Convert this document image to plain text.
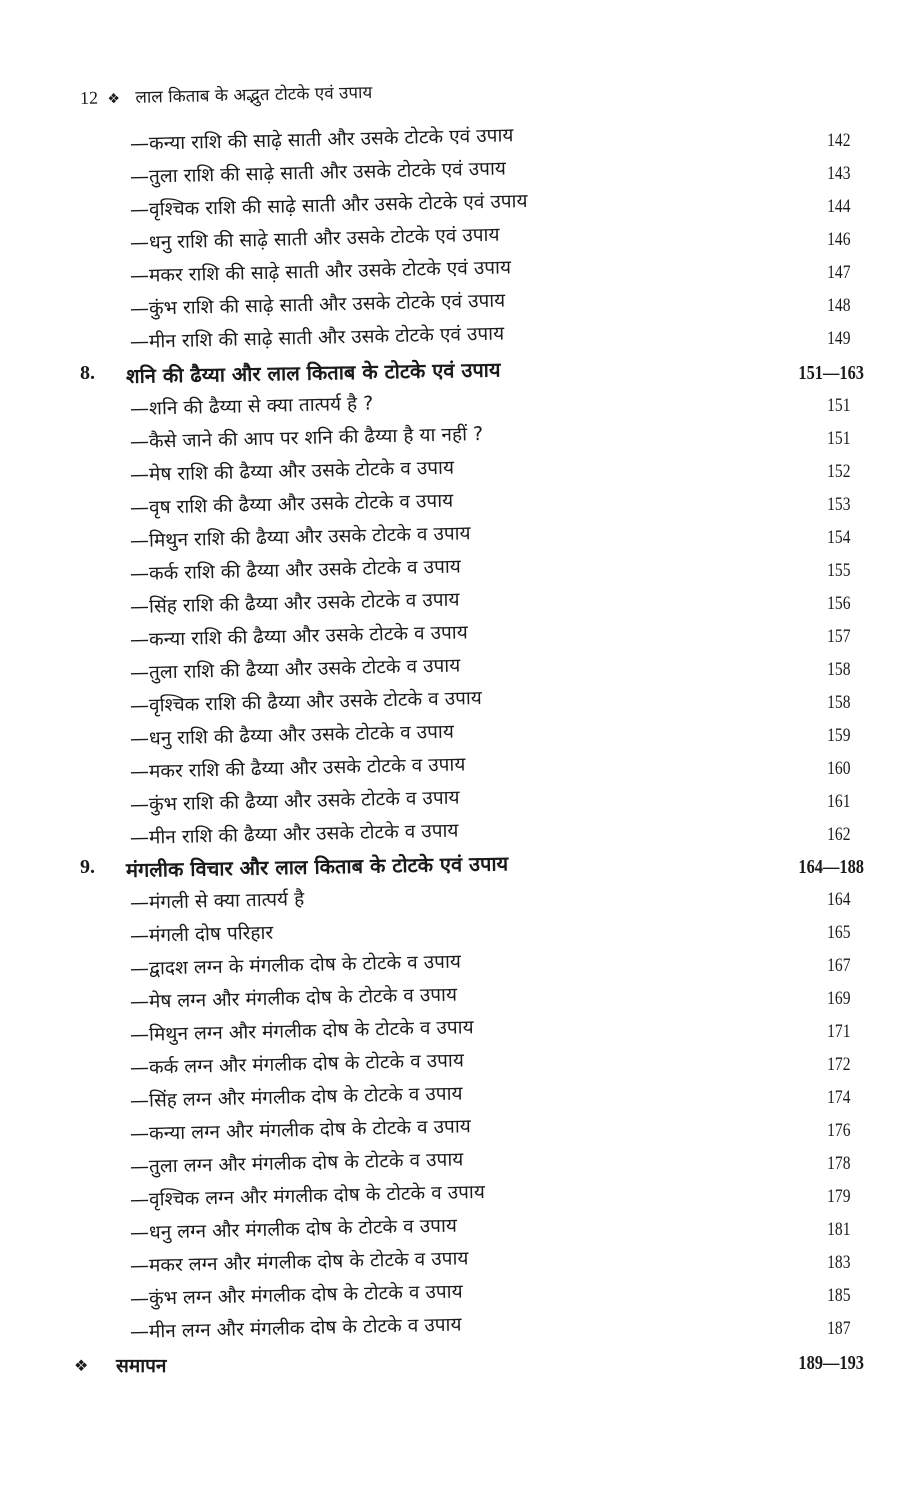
12 ❖ लाल किताब के अद्भुत टोटके एवं उपाय
—कन्या राशि की साढ़े साती और उसके टोटके एवं उपाय	142
—तुला राशि की साढ़े साती और उसके टोटके एवं उपाय	143
—वृश्चिक राशि की साढ़े साती और उसके टोटके एवं उपाय	144
—धनु राशि की साढ़े साती और उसके टोटके एवं उपाय	146
—मकर राशि की साढ़े साती और उसके टोटके एवं उपाय	147
—कुंभ राशि की साढ़े साती और उसके टोटके एवं उपाय	148
—मीन राशि की साढ़े साती और उसके टोटके एवं उपाय	149
8. शनि की ढैय्या और लाल किताब के टोटके एवं उपाय	151—163
—शनि की ढैय्या से क्या तात्पर्य है ?	151
—कैसे जाने की आप पर शनि की ढैय्या है या नहीं ?	151
—मेष राशि की ढैय्या और उसके टोटके व उपाय	152
—वृष राशि की ढैय्या और उसके टोटके व उपाय	153
—मिथुन राशि की ढैय्या और उसके टोटके व उपाय	154
—कर्क राशि की ढैय्या और उसके टोटके व उपाय	155
—सिंह राशि की ढैय्या और उसके टोटके व उपाय	156
—कन्या राशि की ढैय्या और उसके टोटके व उपाय	157
—तुला राशि की ढैय्या और उसके टोटके व उपाय	158
—वृश्चिक राशि की ढैय्या और उसके टोटके व उपाय	158
—धनु राशि की ढैय्या और उसके टोटके व उपाय	159
—मकर राशि की ढैय्या और उसके टोटके व उपाय	160
—कुंभ राशि की ढैय्या और उसके टोटके व उपाय	161
—मीन राशि की ढैय्या और उसके टोटके व उपाय	162
9. मंगलीक विचार और लाल किताब के टोटके एवं उपाय	164—188
—मंगली से क्या तात्पर्य है	164
—मंगली दोष परिहार	165
—द्वादश लग्न के मंगलीक दोष के टोटके व उपाय	167
—मेष लग्न और मंगलीक दोष के टोटके व उपाय	169
—मिथुन लग्न और मंगलीक दोष के टोटके व उपाय	171
—कर्क लग्न और मंगलीक दोष के टोटके व उपाय	172
—सिंह लग्न और मंगलीक दोष के टोटके व उपाय	174
—कन्या लग्न और मंगलीक दोष के टोटके व उपाय	176
—तुला लग्न और मंगलीक दोष के टोटके व उपाय	178
—वृश्चिक लग्न और मंगलीक दोष के टोटके व उपाय	179
—धनु लग्न और मंगलीक दोष के टोटके व उपाय	181
—मकर लग्न और मंगलीक दोष के टोटके व उपाय	183
—कुंभ लग्न और मंगलीक दोष के टोटके व उपाय	185
—मीन लग्न और मंगलीक दोष के टोटके व उपाय	187
❖ समापन	189—193
